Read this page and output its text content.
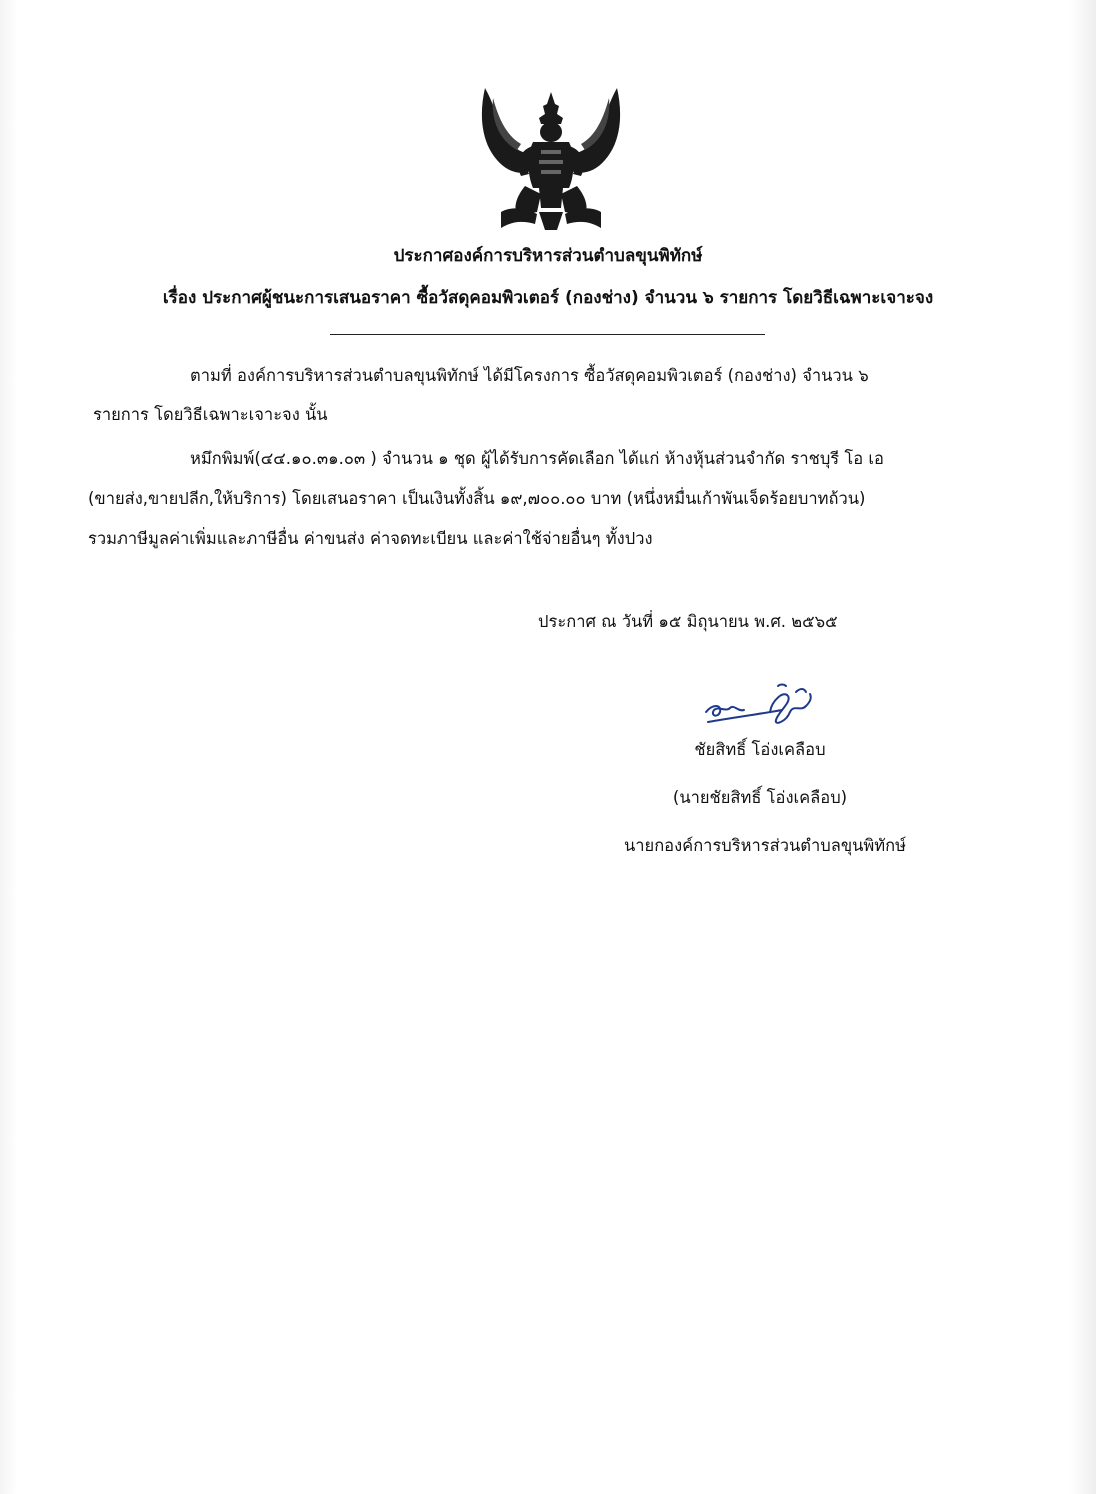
ประกาศองค์การบริหารส่วนตำบลขุนพิทักษ์
เรื่อง ประกาศผู้ชนะการเสนอราคา ซื้อวัสดุคอมพิวเตอร์ (กองช่าง) จำนวน ๖ รายการ โดยวิธีเฉพาะเจาะจง
ตามที่ องค์การบริหารส่วนตำบลขุนพิทักษ์ ได้มีโครงการ ซื้อวัสดุคอมพิวเตอร์ (กองช่าง) จำนวน ๖
รายการ โดยวิธีเฉพาะเจาะจง นั้น
หมึกพิมพ์(๔๔.๑๐.๓๑.๐๓ ) จำนวน ๑ ชุด ผู้ได้รับการคัดเลือก ได้แก่ ห้างหุ้นส่วนจำกัด ราชบุรี โอ เอ
(ขายส่ง,ขายปลีก,ให้บริการ) โดยเสนอราคา เป็นเงินทั้งสิ้น ๑๙,๗๐๐.๐๐ บาท (หนึ่งหมื่นเก้าพันเจ็ดร้อยบาทถ้วน)
รวมภาษีมูลค่าเพิ่มและภาษีอื่น ค่าขนส่ง ค่าจดทะเบียน และค่าใช้จ่ายอื่นๆ ทั้งปวง
ประกาศ ณ วันที่ ๑๕ มิถุนายน พ.ศ. ๒๕๖๕
ชัยสิทธิ์ โอ่งเคลือบ
(นายชัยสิทธิ์ โอ่งเคลือบ)
นายกองค์การบริหารส่วนตำบลขุนพิทักษ์
